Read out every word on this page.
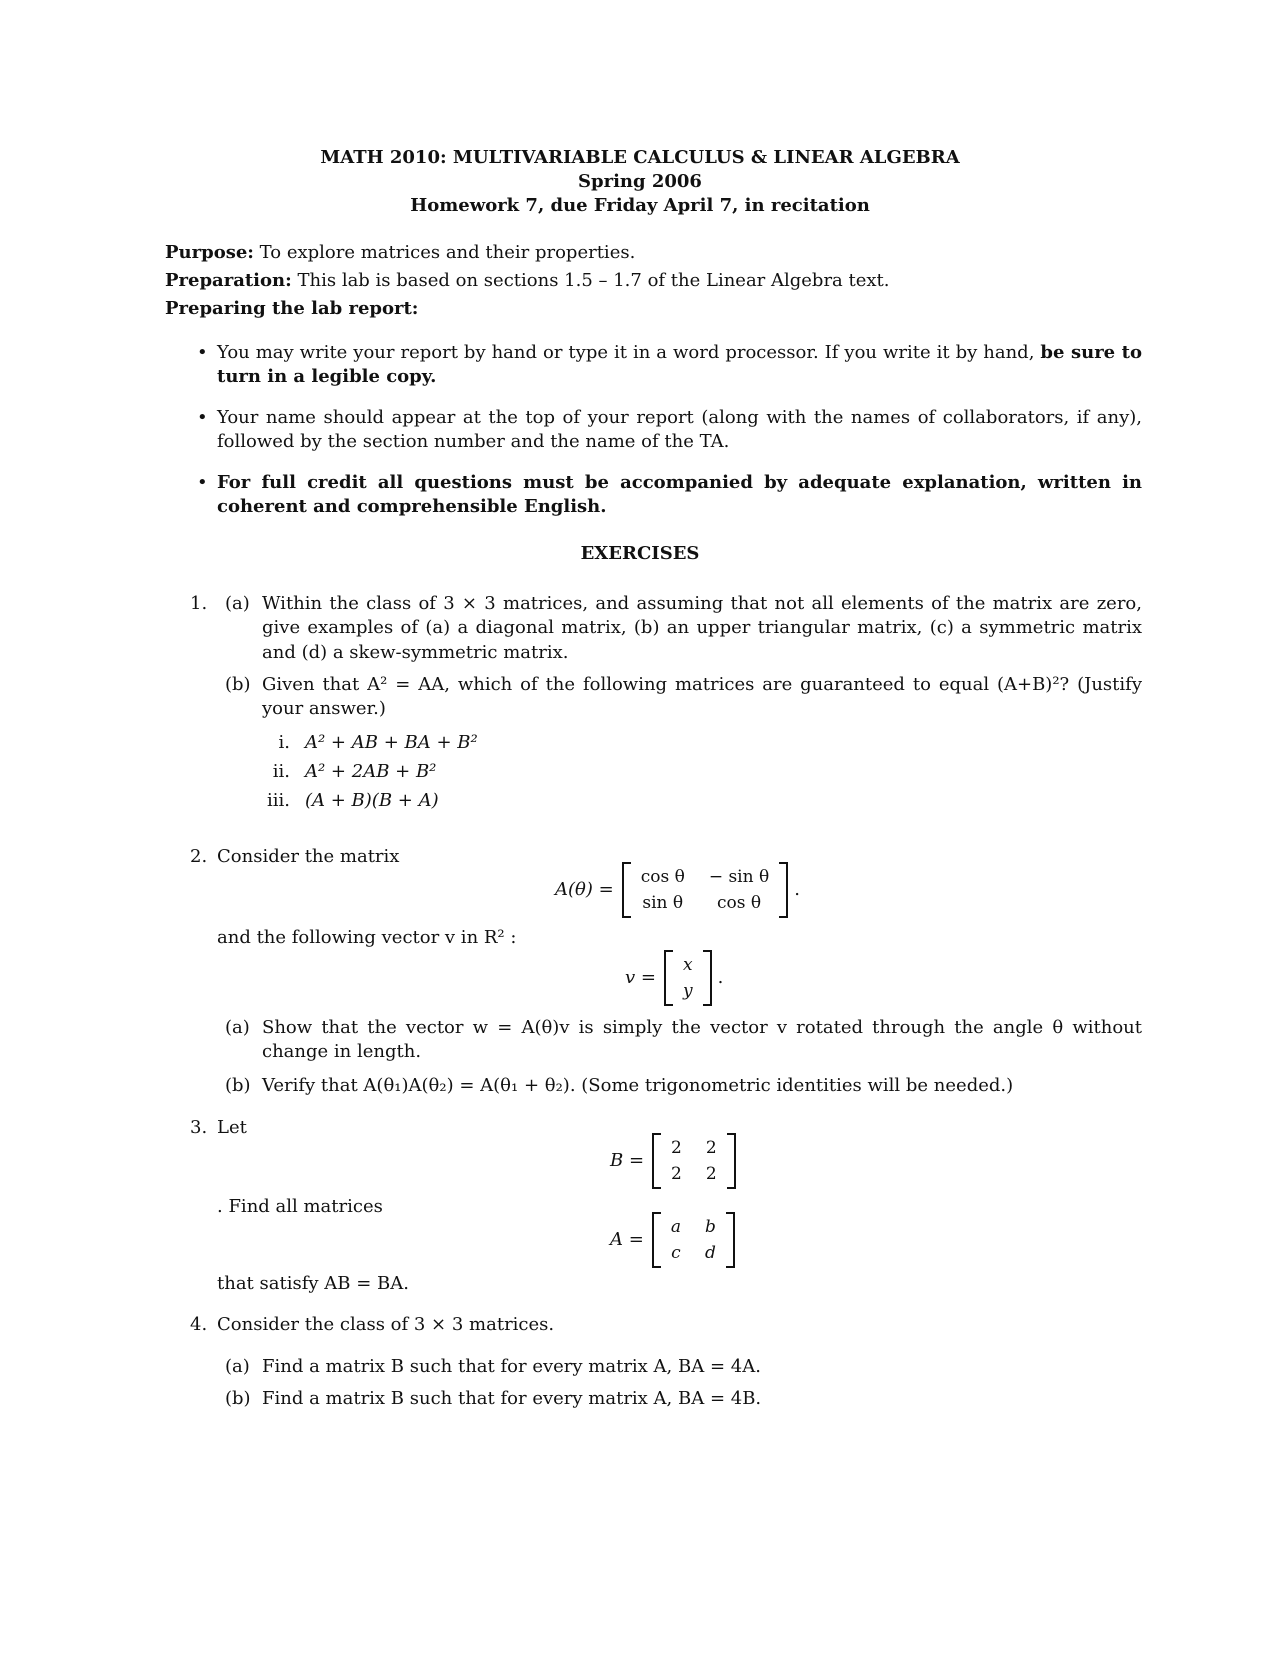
MATH 2010: MULTIVARIABLE CALCULUS & LINEAR ALGEBRA
Spring 2006
Homework 7, due Friday April 7, in recitation
Purpose: To explore matrices and their properties.
Preparation: This lab is based on sections 1.5 – 1.7 of the Linear Algebra text.
Preparing the lab report:
• You may write your report by hand or type it in a word processor. If you write it by hand, be sure to turn in a legible copy.
• Your name should appear at the top of your report (along with the names of collaborators, if any), followed by the section number and the name of the TA.
• For full credit all questions must be accompanied by adequate explanation, written in coherent and comprehensible English.
EXERCISES
1. (a) Within the class of 3 × 3 matrices, and assuming that not all elements of the matrix are zero, give examples of (a) a diagonal matrix, (b) an upper triangular matrix, (c) a symmetric matrix and (d) a skew-symmetric matrix.
(b) Given that A² = AA, which of the following matrices are guaranteed to equal (A+B)²? (Justify your answer.)
i. A² + AB + BA + B²
ii. A² + 2AB + B²
iii. (A + B)(B + A)
2. Consider the matrix
A(θ) =
cos θ − sin θ
sin θ	cos θ
.
and the following vector v in R² :
v =
x
y
.
(a) Show that the vector w = A(θ)v is simply the vector v rotated through the angle θ without change in length.
(b) Verify that A(θ₁)A(θ₂) = A(θ₁ + θ₂). (Some trigonometric identities will be needed.)
3. Let
B =
2 2
2 2
. Find all matrices
A =
a b
c d
that satisfy AB = BA.
4. Consider the class of 3 × 3 matrices.
(a) Find a matrix B such that for every matrix A, BA = 4A.
(b) Find a matrix B such that for every matrix A, BA = 4B.
